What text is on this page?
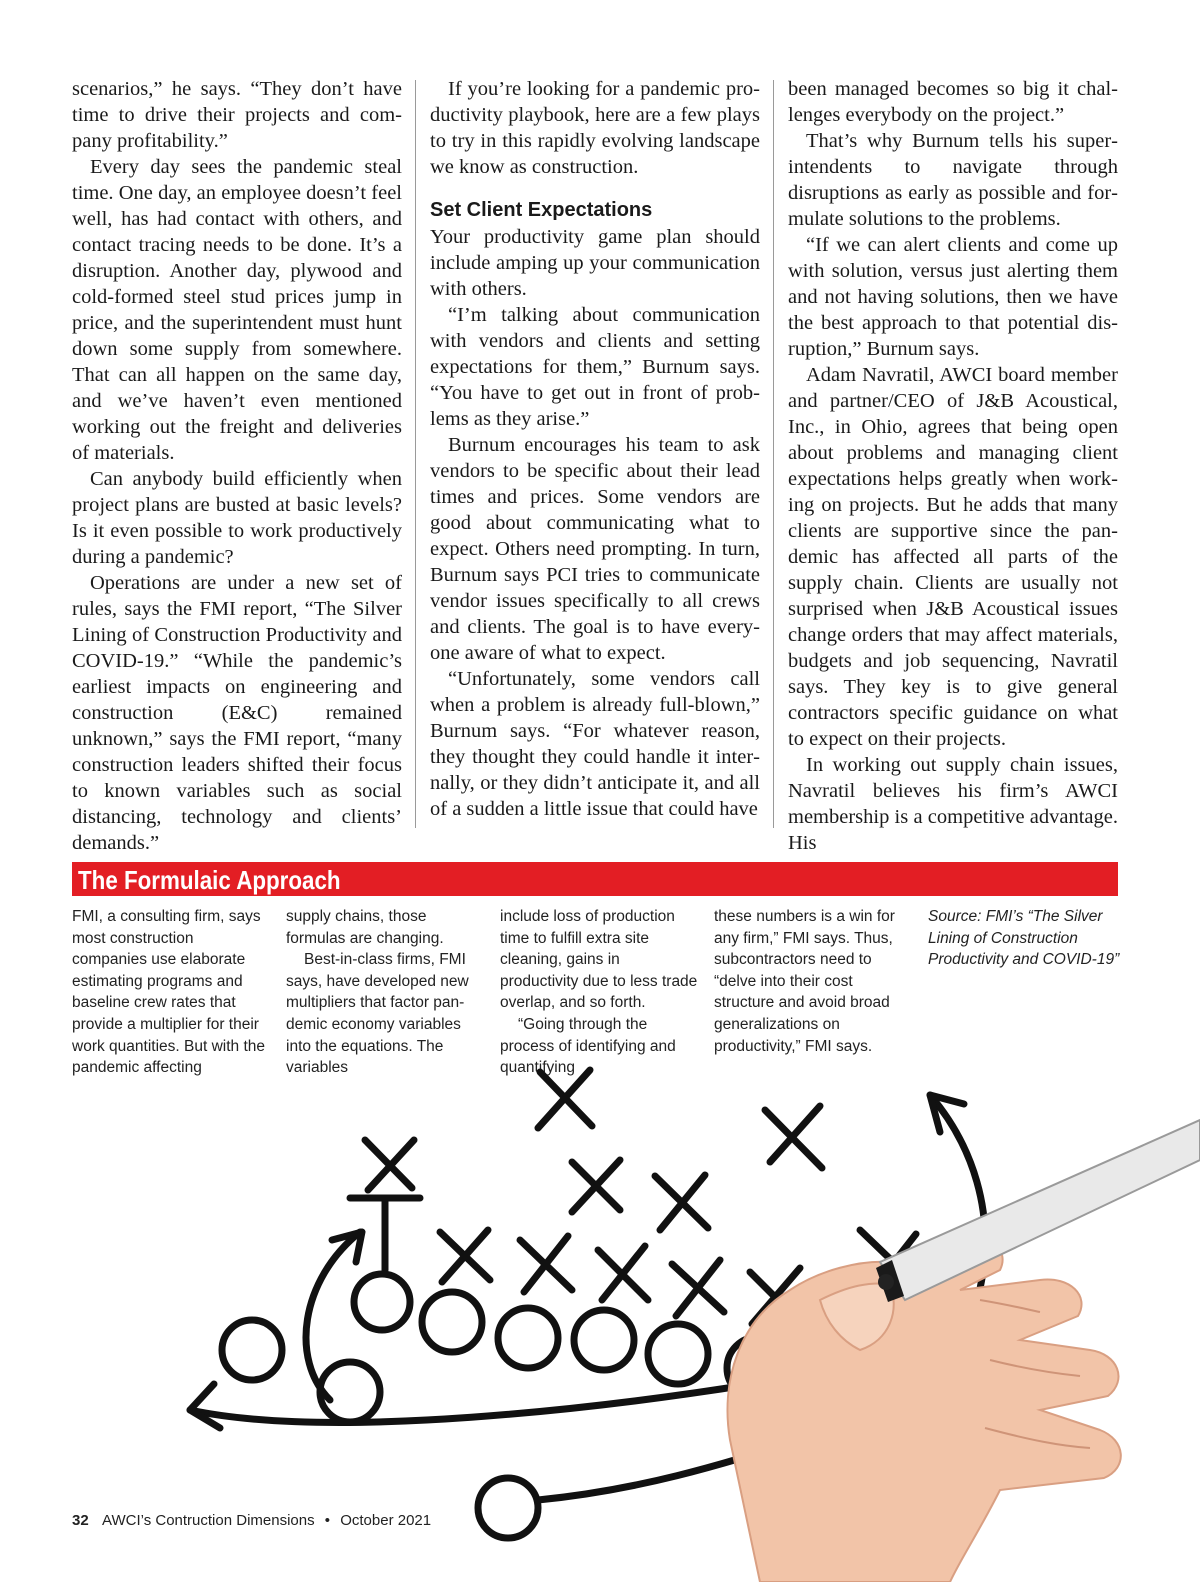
scenarios,” he says. “They don’t have time to drive their projects and company profitability.”

Every day sees the pandemic steal time. One day, an employee doesn’t feel well, has had contact with others, and contact tracing needs to be done. It’s a disruption. Another day, plywood and cold-formed steel stud prices jump in price, and the superintendent must hunt down some supply from somewhere. That can all happen on the same day, and we’ve haven’t even mentioned working out the freight and deliveries of materials.

Can anybody build efficiently when project plans are busted at basic levels? Is it even possible to work productively during a pandemic?

Operations are under a new set of rules, says the FMI report, “The Silver Lining of Construction Productivity and COVID-19.” “While the pandemic’s earliest impacts on engineering and construction (E&C) remained unknown,” says the FMI report, “many construction leaders shifted their focus to known variables such as social distancing, technology and clients’ demands.”

If you’re looking for a pandemic productivity playbook, here are a few plays to try in this rapidly evolving landscape we know as construction.

Set Client Expectations

Your productivity game plan should include amping up your communication with others.

“I’m talking about communication with vendors and clients and setting expectations for them,” Burnum says. “You have to get out in front of problems as they arise.”

Burnum encourages his team to ask vendors to be specific about their lead times and prices. Some vendors are good about communicating what to expect. Others need prompting. In turn, Burnum says PCI tries to communicate vendor issues specifically to all crews and clients. The goal is to have everyone aware of what to expect.

“Unfortunately, some vendors call when a problem is already full-blown,” Burnum says. “For whatever reason, they thought they could handle it internally, or they didn’t anticipate it, and all of a sudden a little issue that could have

been managed becomes so big it challenges everybody on the project.”

That’s why Burnum tells his superintendents to navigate through disruptions as early as possible and formulate solutions to the problems.

“If we can alert clients and come up with solution, versus just alerting them and not having solutions, then we have the best approach to that potential disruption,” Burnum says.

Adam Navratil, AWCI board member and partner/CEO of J&B Acoustical, Inc., in Ohio, agrees that being open about problems and managing client expectations helps greatly when working on projects. But he adds that many clients are supportive since the pandemic has affected all parts of the supply chain. Clients are usually not surprised when J&B Acoustical issues change orders that may affect materials, budgets and job sequencing, Navratil says. They key is to give general contractors specific guidance on what to expect on their projects.

In working out supply chain issues, Navratil believes his firm’s AWCI membership is a competitive advantage. His

The Formulaic Approach

FMI, a consulting firm, says most construction companies use elaborate estimating programs and baseline crew rates that provide a multiplier for their work quantities. But with the pandemic affecting

supply chains, those formulas are changing.

Best-in-class firms, FMI says, have developed new multipliers that factor pandemic economy variables into the equations. The variables

include loss of production time to fulfill extra site cleaning, gains in productivity due to less trade overlap, and so forth.

“Going through the process of identifying and quantifying

these numbers is a win for any firm,” FMI says. Thus, subcontractors need to “delve into their cost structure and avoid broad generalizations on productivity,” FMI says.

Source: FMI’s “The Silver Lining of Construction Productivity and COVID-19”

32 AWCI’s Contruction Dimensions • October 2021
